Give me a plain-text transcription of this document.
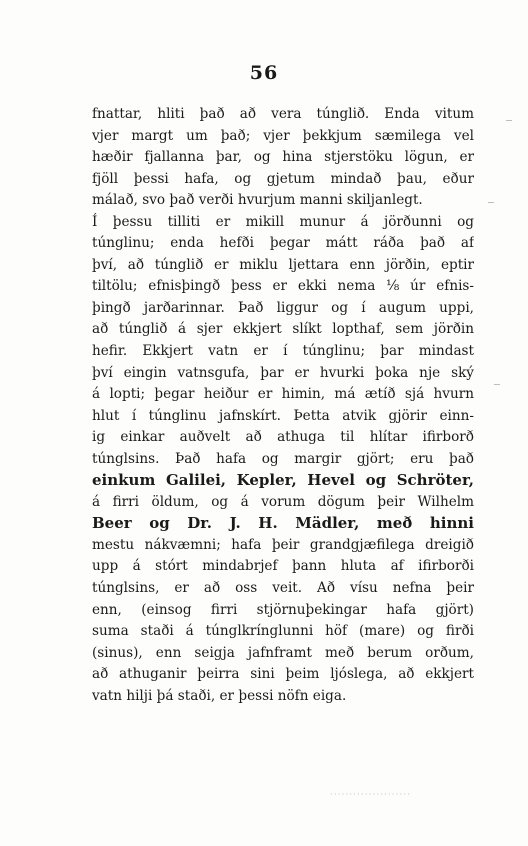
56
fnattar, hliti það að vera túnglið. Enda vitum
vjer margt um það; vjer þekkjum sæmilega vel
hæðir fjallanna þar, og hina stjerstöku lögun, er
fjöll þessi hafa, og gjetum mindað þau, eður
málað, svo það verði hvurjum manni skiljanlegt.
Í þessu tilliti er mikill munur á jörðunni og
túnglinu; enda hefði þegar mátt ráða það af
því, að túnglið er miklu ljettara enn jörðin, eptir
tiltölu; efnisþingð þess er ekki nema ⅛ úr efnis-
þingð jarðarinnar. Það liggur og í augum uppi,
að túnglið á sjer ekkjert slíkt lopthaf, sem jörðin
hefir. Ekkjert vatn er í túnglinu; þar mindast
því eingin vatnsgufa, þar er hvurki þoka nje ský
á lopti; þegar heiður er himin, má ætíð sjá hvurn
hlut í túnglinu jafnskírt. Þetta atvik gjörir einn-
ig einkar auðvelt að athuga til hlítar ifirborð
túnglsins. Það hafa og margir gjört; eru það
einkum Galilei, Kepler, Hevel og Schröter,
á firri öldum, og á vorum dögum þeir Wilhelm
Beer og Dr. J. H. Mädler, með hinni
mestu nákvæmni; hafa þeir grandgjæfilega dreigið
upp á stórt mindabrjef þann hluta af ifirborði
túnglsins, er að oss veit. Að vísu nefna þeir
enn, (einsog firri stjörnuþekingar hafa gjört)
suma staði á túnglkrínglunni höf (mare) og firði
(sinus), enn seigja jafnframt með berum orðum,
að athuganir þeirra sini þeim ljóslega, að ekkjert
vatn hilji þá staði, er þessi nöfn eiga.
·····················
